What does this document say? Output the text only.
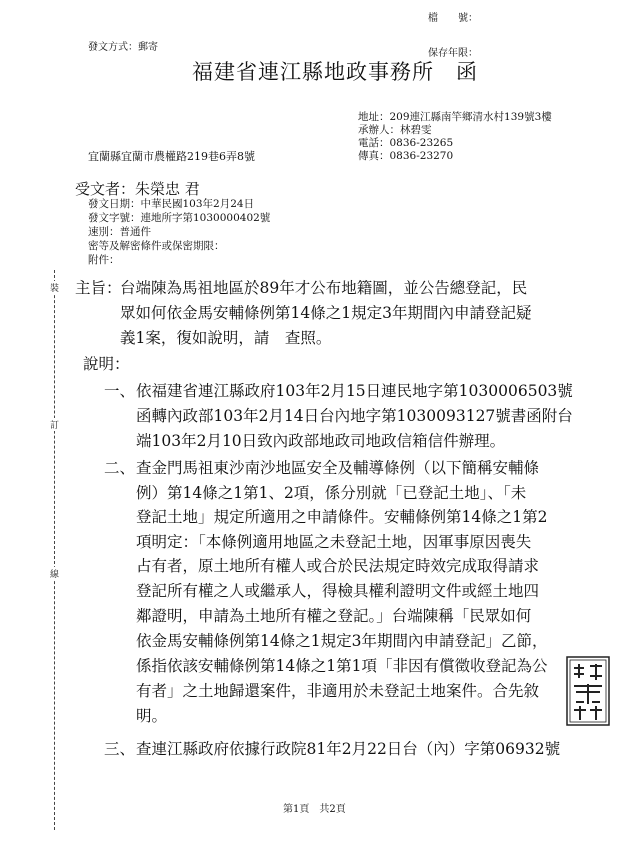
檔　　號：
保存年限：
發文方式：郵寄
福建省連江縣地政事務所　函
地址：209連江縣南竿鄉清水村139號3樓
承辦人：林碧雯
電話：0836-23265
傳真：0836-23270
宜蘭縣宜蘭市農權路219巷6弄8號
受文者：朱榮忠 君
發文日期：中華民國103年2月24日
發文字號：連地所字第1030000402號
速別：普通件
密等及解密條件或保密期限：
附件：
裝
訂
線
主旨：
台端陳為馬祖地區於89年才公布地籍圖，並公告總登記，民
眾如何依金馬安輔條例第14條之1規定3年期間內申請登記疑
義1案，復如說明，請　查照。
說明：
一、 依福建省連江縣政府103年2月15日連民地字第1030006503號
函轉內政部103年2月14日台內地字第1030093127號書函附台
端103年2月10日致內政部地政司地政信箱信件辦理。
二、 查金門馬祖東沙南沙地區安全及輔導條例（以下簡稱安輔條
例）第14條之1第1、2項，係分別就「已登記土地」、「未
登記土地」規定所適用之申請條件。安輔條例第14條之1第2
項明定：「本條例適用地區之未登記土地，因軍事原因喪失
占有者，原土地所有權人或合於民法規定時效完成取得請求
登記所有權之人或繼承人，得檢具權利證明文件或經土地四
鄰證明，申請為土地所有權之登記。」台端陳稱「民眾如何
依金馬安輔條例第14條之1規定3年期間內申請登記」乙節，
係指依該安輔條例第14條之1第1項「非因有償徵收登記為公
有者」之土地歸還案件，非適用於未登記土地案件。合先敘
明。
三、 查連江縣政府依據行政院81年2月22日台（內）字第06932號
第1頁　共2頁
